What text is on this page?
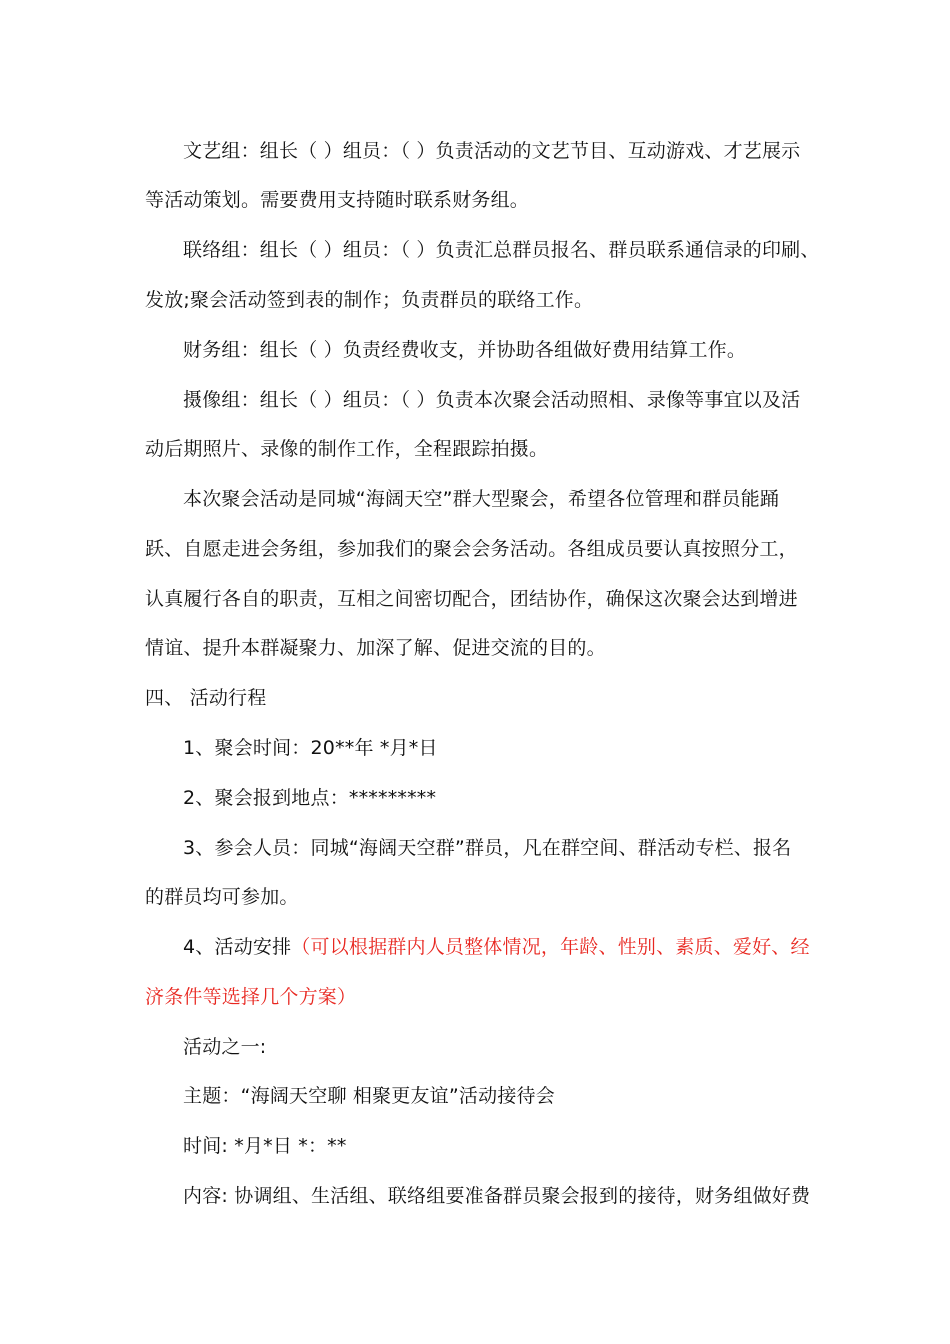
文艺组：组长（ ）组员：（ ）负责活动的文艺节目、互动游戏、才艺展示
等活动策划。需要费用支持随时联系财务组。
联络组：组长（ ）组员：（ ）负责汇总群员报名、群员联系通信录的印刷、
发放;聚会活动签到表的制作；负责群员的联络工作。
财务组：组长（ ）负责经费收支，并协助各组做好费用结算工作。
摄像组：组长（ ）组员：（ ）负责本次聚会活动照相、录像等事宜以及活
动后期照片、录像的制作工作，全程跟踪拍摄。
本次聚会活动是同城“海阔天空”群大型聚会，希望各位管理和群员能踊
跃、自愿走进会务组，参加我们的聚会会务活动。各组成员要认真按照分工，
认真履行各自的职责，互相之间密切配合，团结协作，确保这次聚会达到增进
情谊、提升本群凝聚力、加深了解、促进交流的目的。
四、 活动行程
1、聚会时间：20**年 *月*日
2、聚会报到地点：*********
3、参会人员：同城“海阔天空群”群员，凡在群空间、群活动专栏、报名
的群员均可参加。
4、活动安排（可以根据群内人员整体情况，年龄、性别、素质、爱好、经
济条件等选择几个方案）
活动之一:
主题：“海阔天空聊 相聚更友谊”活动接待会
时间: *月*日 *：**
内容: 协调组、生活组、联络组要准备群员聚会报到的接待，财务组做好费
